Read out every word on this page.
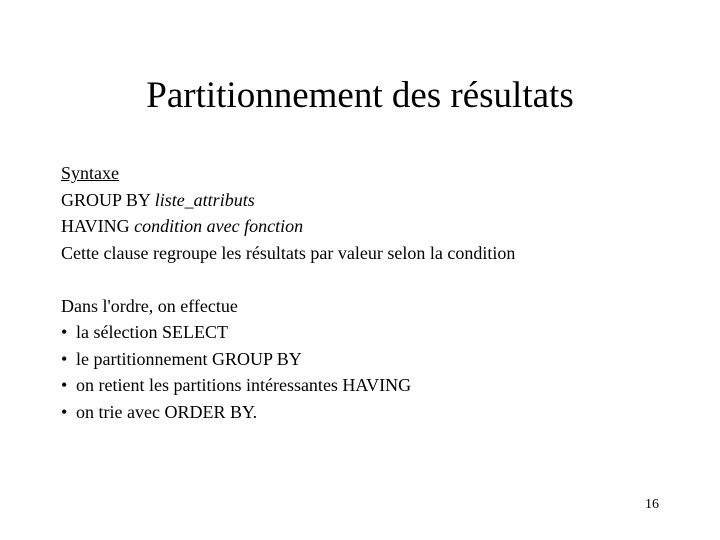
Partitionnement des résultats
Syntaxe
GROUP BY liste_attributs
HAVING condition avec fonction
Cette clause regroupe les résultats par valeur selon la condition
Dans l'ordre, on effectue
• la sélection SELECT
• le partitionnement GROUP BY
• on retient les partitions intéressantes HAVING
• on trie avec ORDER BY.
16
